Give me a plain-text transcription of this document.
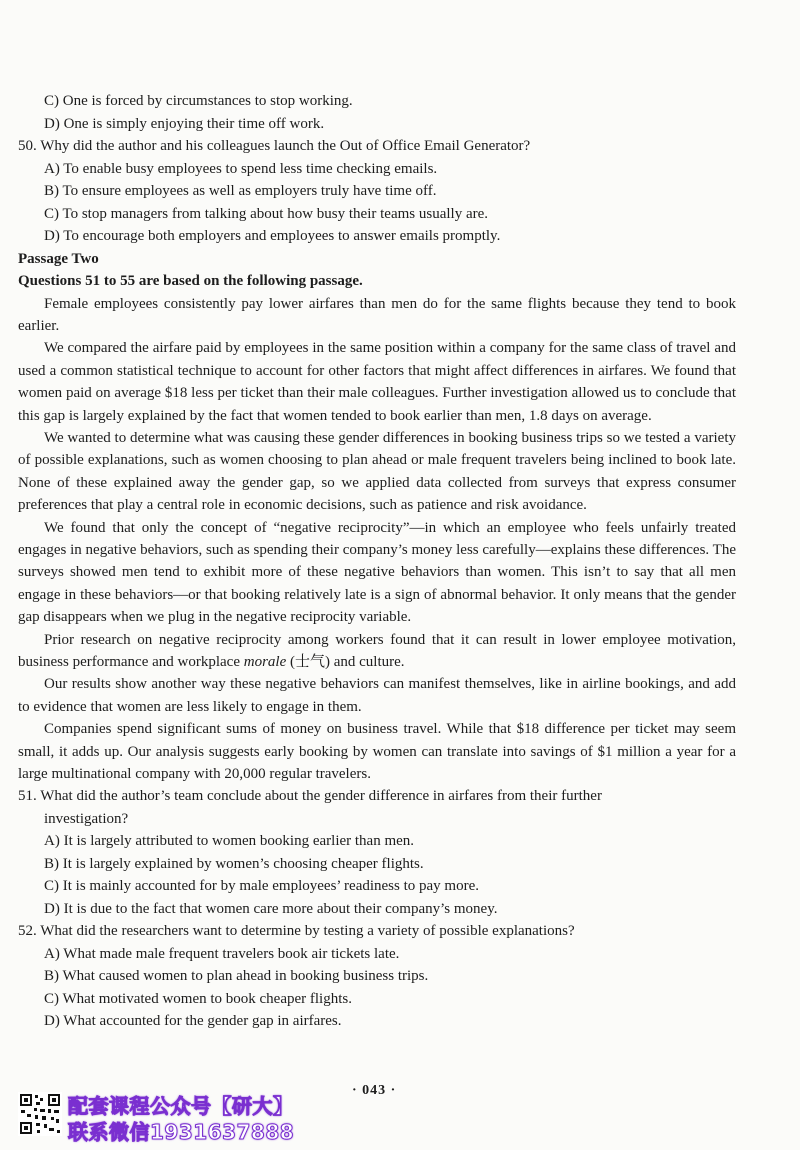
C) One is forced by circumstances to stop working.

D) One is simply enjoying their time off work.

50. Why did the author and his colleagues launch the Out of Office Email Generator?

A) To enable busy employees to spend less time checking emails.

B) To ensure employees as well as employers truly have time off.

C) To stop managers from talking about how busy their teams usually are.

D) To encourage both employers and employees to answer emails promptly.

Passage Two

Questions 51 to 55 are based on the following passage.

Female employees consistently pay lower airfares than men do for the same flights because they tend to book earlier.

We compared the airfare paid by employees in the same position within a company for the same class of travel and used a common statistical technique to account for other factors that might affect differences in airfares. We found that women paid on average $18 less per ticket than their male colleagues. Further investigation allowed us to conclude that this gap is largely explained by the fact that women tended to book earlier than men, 1.8 days on average.

We wanted to determine what was causing these gender differences in booking business trips so we tested a variety of possible explanations, such as women choosing to plan ahead or male frequent travelers being inclined to book late. None of these explained away the gender gap, so we applied data collected from surveys that express consumer preferences that play a central role in economic decisions, such as patience and risk avoidance.

We found that only the concept of “negative reciprocity”—in which an employee who feels unfairly treated engages in negative behaviors, such as spending their company’s money less carefully—explains these differences. The surveys showed men tend to exhibit more of these negative behaviors than women. This isn’t to say that all men engage in these behaviors—or that booking relatively late is a sign of abnormal behavior. It only means that the gender gap disappears when we plug in the negative reciprocity variable.

Prior research on negative reciprocity among workers found that it can result in lower employee motivation, business performance and workplace morale (士气) and culture.

Our results show another way these negative behaviors can manifest themselves, like in airline bookings, and add to evidence that women are less likely to engage in them.

Companies spend significant sums of money on business travel. While that $18 difference per ticket may seem small, it adds up. Our analysis suggests early booking by women can translate into savings of $1 million a year for a large multinational company with 20,000 regular travelers.

51. What did the author’s team conclude about the gender difference in airfares from their further

investigation?

A) It is largely attributed to women booking earlier than men.

B) It is largely explained by women’s choosing cheaper flights.

C) It is mainly accounted for by male employees’ readiness to pay more.

D) It is due to the fact that women care more about their company’s money.

52. What did the researchers want to determine by testing a variety of possible explanations?

A) What made male frequent travelers book air tickets late.

B) What caused women to plan ahead in booking business trips.

C) What motivated women to book cheaper flights.

D) What accounted for the gender gap in airfares.

· 043 ·
配套课程公众号【研大】
联系微信1931637888
